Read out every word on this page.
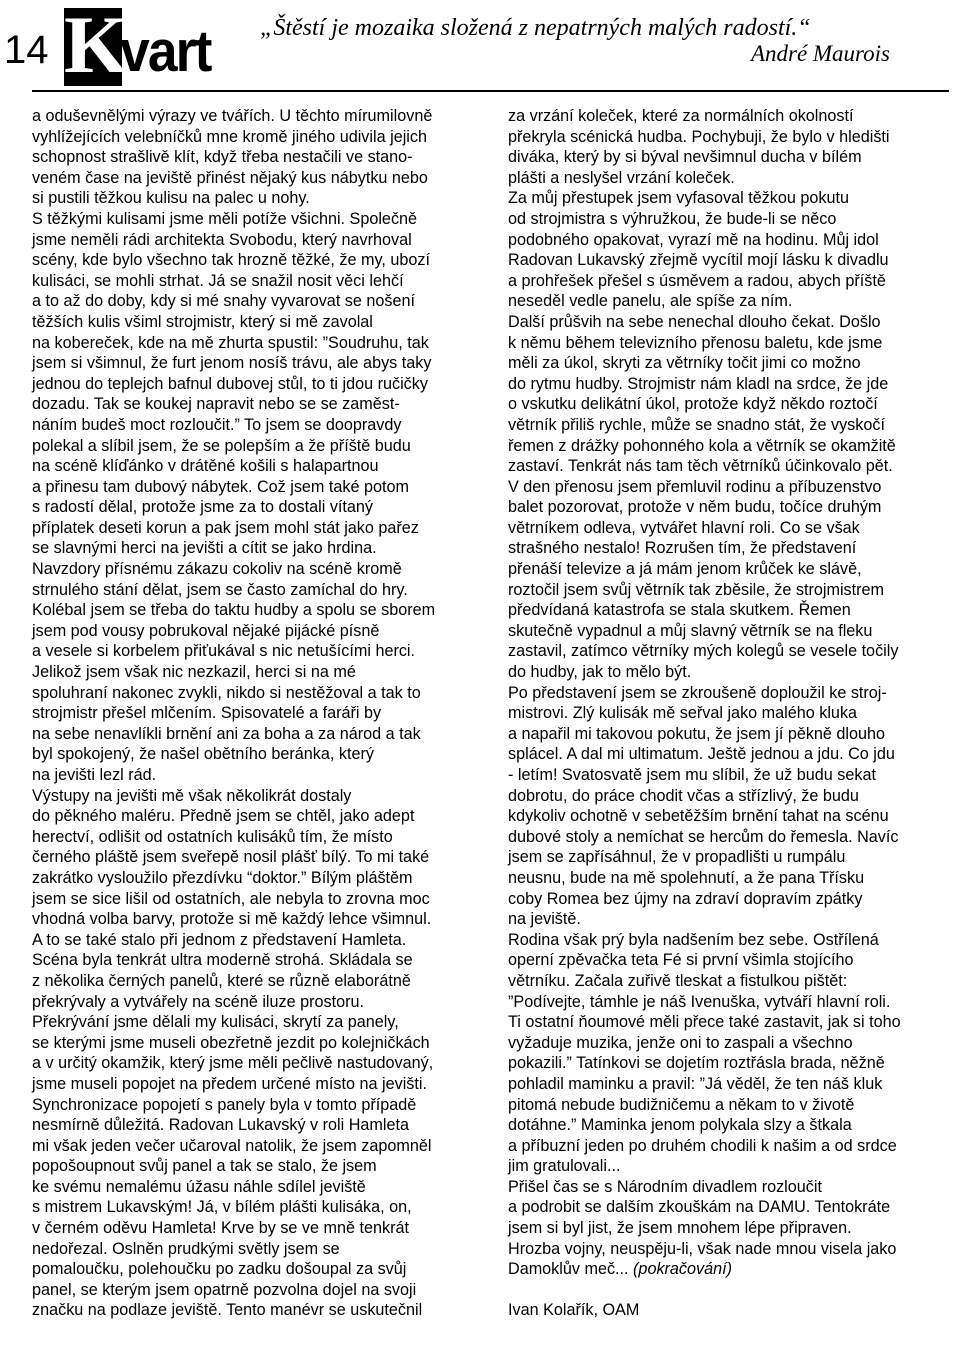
14 K
vart „Štěstí je mozaika složená z nepatrných malých radostí.“
André Maurois
a oduševnělými výrazy ve tvářích. U těchto mírumilovně
vyhlížejících velebníčků mne kromě jiného udivila jejich
schopnost strašlivě klít, když třeba nestačili ve stano-
veném čase na jeviště přinést nějaký kus nábytku nebo
si pustili těžkou kulisu na palec u nohy.
S těžkými kulisami jsme měli potíže všichni. Společně
jsme neměli rádi architekta Svobodu, který navrhoval
scény, kde bylo všechno tak hrozně těžké, že my, ubozí
kulisáci, se mohli strhat. Já se snažil nosit věci lehčí
a to až do doby, kdy si mé snahy vyvarovat se nošení
těžších kulis všiml strojmistr, který si mě zavolal
na kobereček, kde na mě zhurta spustil: ”Soudruhu, tak
jsem si všimnul, že furt jenom nosíš trávu, ale abys taky
jednou do teplejch bafnul dubovej stůl, to ti jdou ručičky
dozadu. Tak se koukej napravit nebo se se zaměst-
náním budeš moct rozloučit.” To jsem se doopravdy
polekal a slíbil jsem, že se polepším a že příště budu
na scéně klíďánko v drátěné košili s halapartnou
a přinesu tam dubový nábytek. Což jsem také potom
s radostí dělal, protože jsme za to dostali vítaný
příplatek deseti korun a pak jsem mohl stát jako pařez
se slavnými herci na jevišti a cítit se jako hrdina.
Navzdory přísnému zákazu cokoliv na scéně kromě
strnulého stání dělat, jsem se často zamíchal do hry.
Kolébal jsem se třeba do taktu hudby a spolu se sborem
jsem pod vousy pobrukoval nějaké pijácké písně
a vesele si korbelem přiťukával s nic netušícími herci.
Jelikož jsem však nic nezkazil, herci si na mé
spoluhraní nakonec zvykli, nikdo si nestěžoval a tak to
strojmistr přešel mlčením. Spisovatelé a faráři by
na sebe nenavlíkli brnění ani za boha a za národ a tak
byl spokojený, že našel obětního beránka, který
na jevišti lezl rád.
Výstupy na jevišti mě však několikrát dostaly
do pěkného maléru. Předně jsem se chtěl, jako adept
herectví, odlišit od ostatních kulisáků tím, že místo
černého pláště jsem sveřepě nosil plášť bílý. To mi také
zakrátko vysloužilo přezdívku “doktor.” Bílým pláštěm
jsem se sice lišil od ostatních, ale nebyla to zrovna moc
vhodná volba barvy, protože si mě každý lehce všimnul.
A to se také stalo při jednom z představení Hamleta.
Scéna byla tenkrát ultra moderně strohá. Skládala se
z několika černých panelů, které se různě elaborátně
překrývaly a vytvářely na scéně iluze prostoru.
Překrývání jsme dělali my kulisáci, skrytí za panely,
se kterými jsme museli obezřetně jezdit po kolejničkách
a v určitý okamžik, který jsme měli pečlivě nastudovaný,
jsme museli popojet na předem určené místo na jevišti.
Synchronizace popojetí s panely byla v tomto případě
nesmírně důležitá. Radovan Lukavský v roli Hamleta
mi však jeden večer učaroval natolik, že jsem zapomněl
popošoupnout svůj panel a tak se stalo, že jsem
ke svému nemalému úžasu náhle sdílel jeviště
s mistrem Lukavským! Já, v bílém plášti kulisáka, on,
v černém oděvu Hamleta! Krve by se ve mně tenkrát
nedořezal. Oslněn prudkými světly jsem se
pomaloučku, polehoučku po zadku došoupal za svůj
panel, se kterým jsem opatrně pozvolna dojel na svoji
značku na podlaze jeviště. Tento manévr se uskutečnil
za vrzání koleček, které za normálních okolností
překryla scénická hudba. Pochybuji, že bylo v hledišti
diváka, který by si býval nevšimnul ducha v bílém
plášti a neslyšel vrzání koleček.
Za můj přestupek jsem vyfasoval těžkou pokutu
od strojmistra s výhružkou, že bude-li se něco
podobného opakovat, vyrazí mě na hodinu. Můj idol
Radovan Lukavský zřejmě vycítil mojí lásku k divadlu
a prohřešek přešel s úsměvem a radou, abych příště
neseděl vedle panelu, ale spíše za ním.
Další průšvih na sebe nenechal dlouho čekat. Došlo
k němu během televizního přenosu baletu, kde jsme
měli za úkol, skryti za větrníky točit jimi co možno
do rytmu hudby. Strojmistr nám kladl na srdce, že jde
o vskutku delikátní úkol, protože když někdo roztočí
větrník přiliš rychle, může se snadno stát, že vyskočí
řemen z drážky pohonného kola a větrník se okamžitě
zastaví. Tenkrát nás tam těch větrníků účinkovalo pět.
V den přenosu jsem přemluvil rodinu a příbuzenstvo
balet pozorovat, protože v něm budu, točíce druhým
větrníkem odleva, vytvářet hlavní roli. Co se však
strašného nestalo! Rozrušen tím, že představení
přenáší televize a já mám jenom krůček ke slávě,
roztočil jsem svůj větrník tak zběsile, že strojmistrem
předvídaná katastrofa se stala skutkem. Řemen
skutečně vypadnul a můj slavný větrník se na fleku
zastavil, zatímco větrníky mých kolegů se vesele točily
do hudby, jak to mělo být.
Po představení jsem se zkroušeně doploužil ke stroj-
mistrovi. Zlý kulisák mě seřval jako malého kluka
a napařil mi takovou pokutu, že jsem jí pěkně dlouho
splácel. A dal mi ultimatum. Ještě jednou a jdu. Co jdu
- letím! Svatosvatě jsem mu slíbil, že už budu sekat
dobrotu, do práce chodit včas a střízlivý, že budu
kdykoliv ochotně v sebetěžším brnění tahat na scénu
dubové stoly a nemíchat se hercům do řemesla. Navíc
jsem se zapřísáhnul, že v propadlišti u rumpálu
neusnu, bude na mě spolehnutí, a že pana Třísku
coby Romea bez újmy na zdraví dopravím zpátky
na jeviště.
Rodina však prý byla nadšením bez sebe. Ostřílená
operní zpěvačka teta Fé si první všimla stojícího
větrníku. Začala zuřivě tleskat a fistulkou pištět:
”Podívejte, támhle je náš Ivenuška, vytváří hlavní roli.
Ti ostatní ňoumové měli přece také zastavit, jak si toho
vyžaduje muzika, jenže oni to zaspali a všechno
pokazili.” Tatínkovi se dojetím roztřásla brada, něžně
pohladil maminku a pravil: ”Já věděl, že ten náš kluk
pitomá nebude budižničemu a někam to v životě
dotáhne.” Maminka jenom polykala slzy a štkala
a příbuzní jeden po druhém chodili k našim a od srdce
jim gratulovali...
Přišel čas se s Národním divadlem rozloučit
a podrobit se dalším zkouškám na DAMU. Tentokráte
jsem si byl jist, že jsem mnohem lépe připraven.
Hrozba vojny, neuspěju-li, však nade mnou visela jako
Damoklův meč... (pokračování)
Ivan Kolařík, OAM
